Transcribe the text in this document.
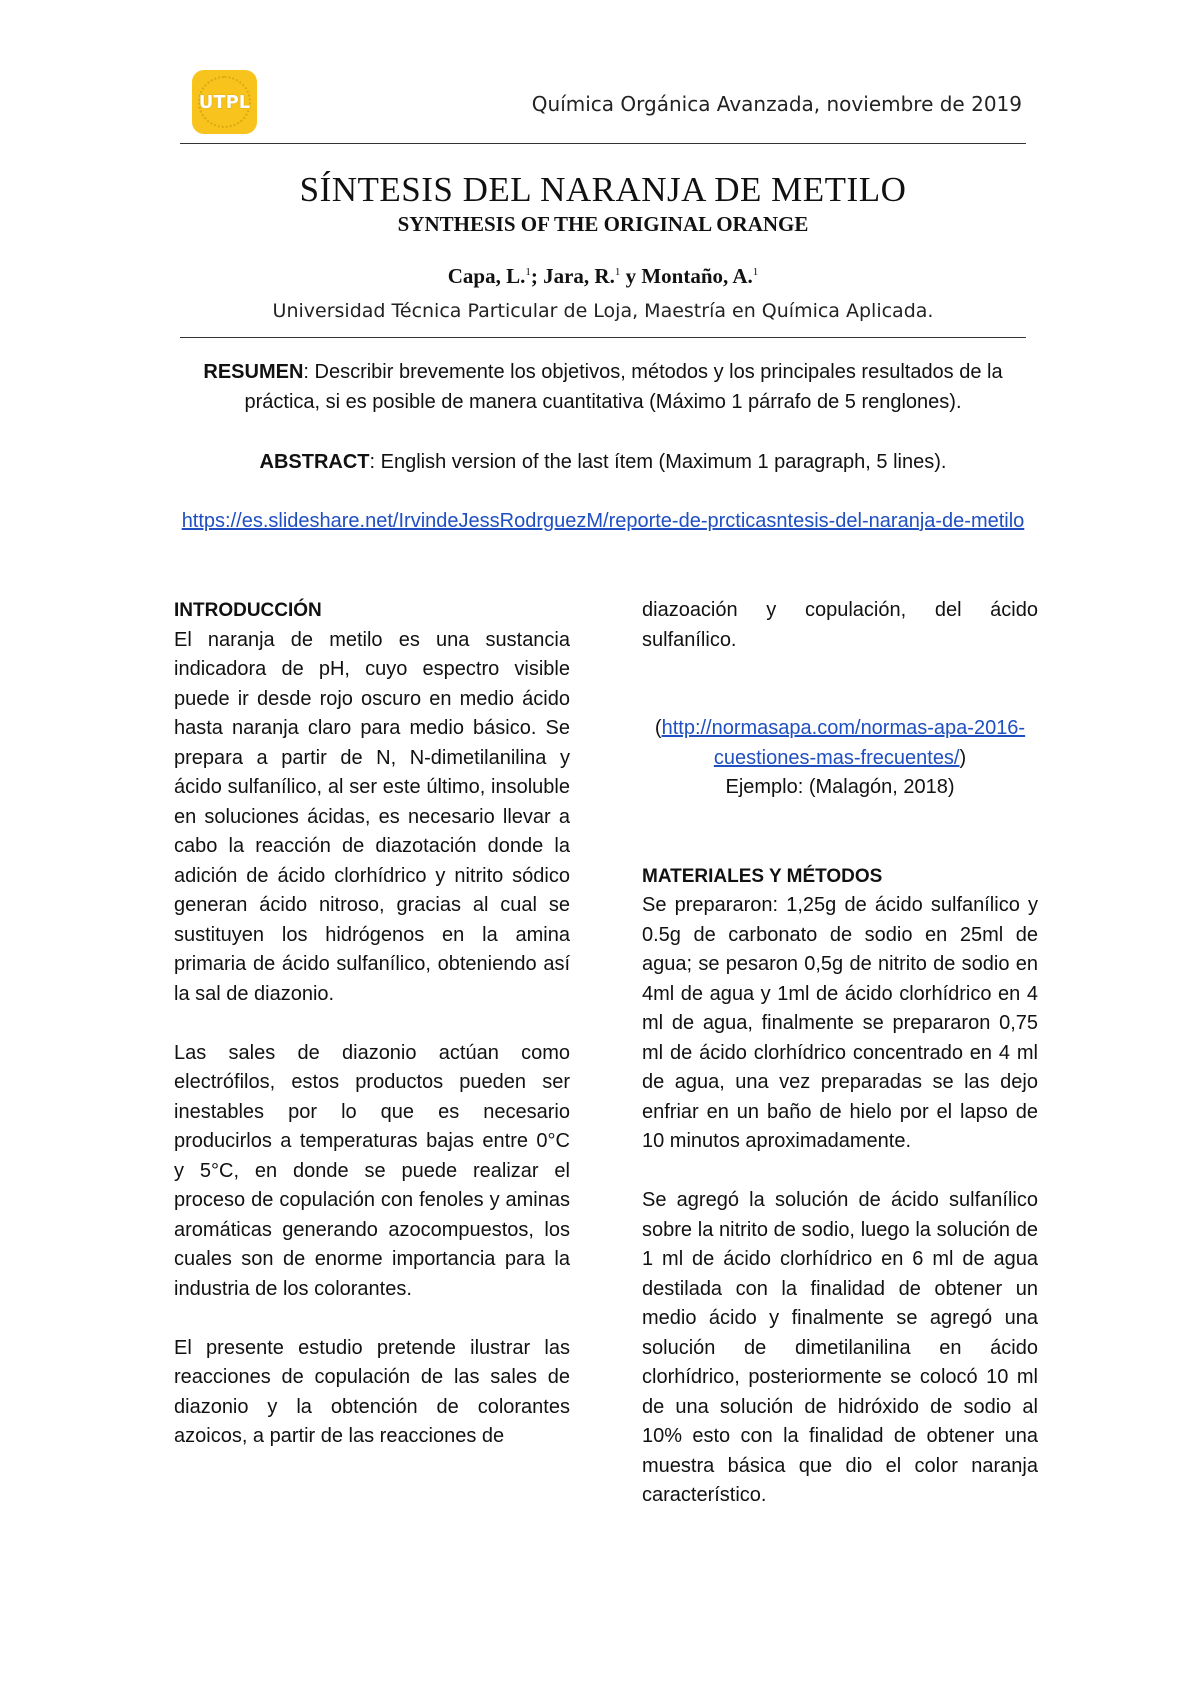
UTPL	Química Orgánica Avanzada, noviembre de 2019
SÍNTESIS DEL NARANJA DE METILO
SYNTHESIS OF THE ORIGINAL ORANGE
Capa, L.$^1$; Jara, R.$^1$ y Montaño, A.$^1$
Universidad Técnica Particular de Loja, Maestría en Química Aplicada.
RESUMEN: Describir brevemente los objetivos, métodos y los principales resultados de la práctica, si es posible de manera cuantitativa (Máximo 1 párrafo de 5 renglones).
ABSTRACT: English version of the last ítem (Maximum 1 paragraph, 5 lines).
https://es.slideshare.net/IrvindeJessRodrguezM/reporte-de-prcticasntesis-del-naranja-de-metilo
INTRODUCCIÓN

El naranja de metilo es una sustancia indicadora de pH, cuyo espectro visible puede ir desde rojo oscuro en medio ácido hasta naranja claro para medio básico. Se prepara a partir de N, N-dimetilanilina y ácido sulfanílico, al ser este último, insoluble en soluciones ácidas, es necesario llevar a cabo la reacción de diazotación donde la adición de ácido clorhídrico y nitrito sódico generan ácido nitroso, gracias al cual se sustituyen los hidrógenos en la amina primaria de ácido sulfanílico, obteniendo así la sal de diazonio.

Las sales de diazonio actúan como electrófilos, estos productos pueden ser inestables por lo que es necesario producirlos a temperaturas bajas entre 0°C y 5°C, en donde se puede realizar el proceso de copulación con fenoles y aminas aromáticas generando azocompuestos, los cuales son de enorme importancia para la industria de los colorantes.

El presente estudio pretende ilustrar las reacciones de copulación de las sales de diazonio y la obtención de colorantes azoicos, a partir de las reacciones de

diazoación y copulación, del ácido sulfanílico.

(http://normasapa.com/normas-apa-2016-cuestiones-mas-frecuentes/)

Ejemplo: (Malagón, 2018)

MATERIALES Y MÉTODOS

Se prepararon: 1,25g de ácido sulfanílico y 0.5g de carbonato de sodio en 25ml de agua; se pesaron 0,5g de nitrito de sodio en 4ml de agua y 1ml de ácido clorhídrico en 4 ml de agua, finalmente se prepararon 0,75 ml de ácido clorhídrico concentrado en 4 ml de agua, una vez preparadas se las dejo enfriar en un baño de hielo por el lapso de 10 minutos aproximadamente.

Se agregó la solución de ácido sulfanílico sobre la nitrito de sodio, luego la solución de 1 ml de ácido clorhídrico en 6 ml de agua destilada con la finalidad de obtener un medio ácido y finalmente se agregó una solución de dimetilanilina en ácido clorhídrico, posteriormente se colocó 10 ml de una solución de hidróxido de sodio al 10% esto con la finalidad de obtener una muestra básica que dio el color naranja característico.
